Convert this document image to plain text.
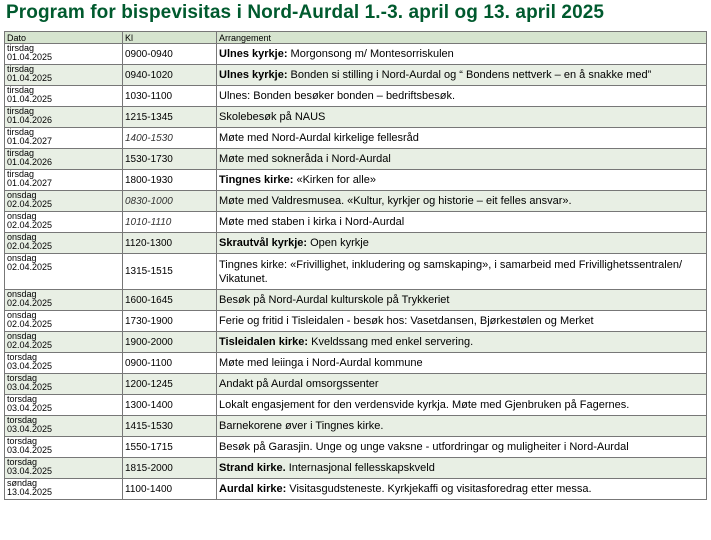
Program for bispevisitas i Nord-Aurdal 1.-3. april og 13. april 2025
Dato	Kl	Arrangement

tirsdag
01.04.2025	0900-0940	Ulnes kyrkje: Morgonsong m/ Montesorriskulen

tirsdag
01.04.2025	0940-1020	Ulnes kyrkje: Bonden si stilling i Nord-Aurdal og “ Bondens nettverk – en å snakke med”

tirsdag
01.04.2025	1030-1100	Ulnes: Bonden besøker bonden – bedriftsbesøk.

tirsdag
01.04.2026	1215-1345	Skolebesøk på NAUS

tirsdag
01.04.2027	1400-1530	Møte med Nord-Aurdal kirkelige fellesråd

tirsdag
01.04.2026	1530-1730	Møte med sokneråda i Nord-Aurdal

tirsdag
01.04.2027	1800-1930	Tingnes kirke: «Kirken for alle»

onsdag
02.04.2025	0830-1000	Møte med Valdresmusea. «Kultur, kyrkjer og historie – eit felles ansvar».

onsdag
02.04.2025	1010-1110	Møte med staben i kirka i Nord-Aurdal

onsdag
02.04.2025	1120-1300	Skrautvål kyrkje: Open kyrkje

onsdag
02.04.2025	1315-1515	Tingnes kirke: «Frivillighet, inkludering og samskaping», i samarbeid med Frivillighetssentralen/ Vikatunet.

onsdag
02.04.2025	1600-1645	Besøk på Nord-Aurdal kulturskole på Trykkeriet

onsdag
02.04.2025	1730-1900	Ferie og fritid i Tisleidalen - besøk hos: Vasetdansen, Bjørkestølen og Merket

onsdag
02.04.2025	1900-2000	Tisleidalen kirke: Kveldssang med enkel servering.

torsdag
03.04.2025	0900-1100	Møte med leiinga i Nord-Aurdal kommune

torsdag
03.04.2025	1200-1245	Andakt på Aurdal omsorgssenter

torsdag
03.04.2025	1300-1400	Lokalt engasjement for den verdensvide kyrkja. Møte med Gjenbruken på Fagernes.

torsdag
03.04.2025	1415-1530	Barnekorene øver i Tingnes kirke.

torsdag
03.04.2025	1550-1715	Besøk på Garasjin. Unge og unge vaksne - utfordringar og muligheiter i Nord-Aurdal

torsdag
03.04.2025	1815-2000	Strand kirke. Internasjonal fellesskapskveld

søndag
13.04.2025	1100-1400	Aurdal kirke: Visitasgudsteneste. Kyrkjekaffi og visitasforedrag etter messa.
